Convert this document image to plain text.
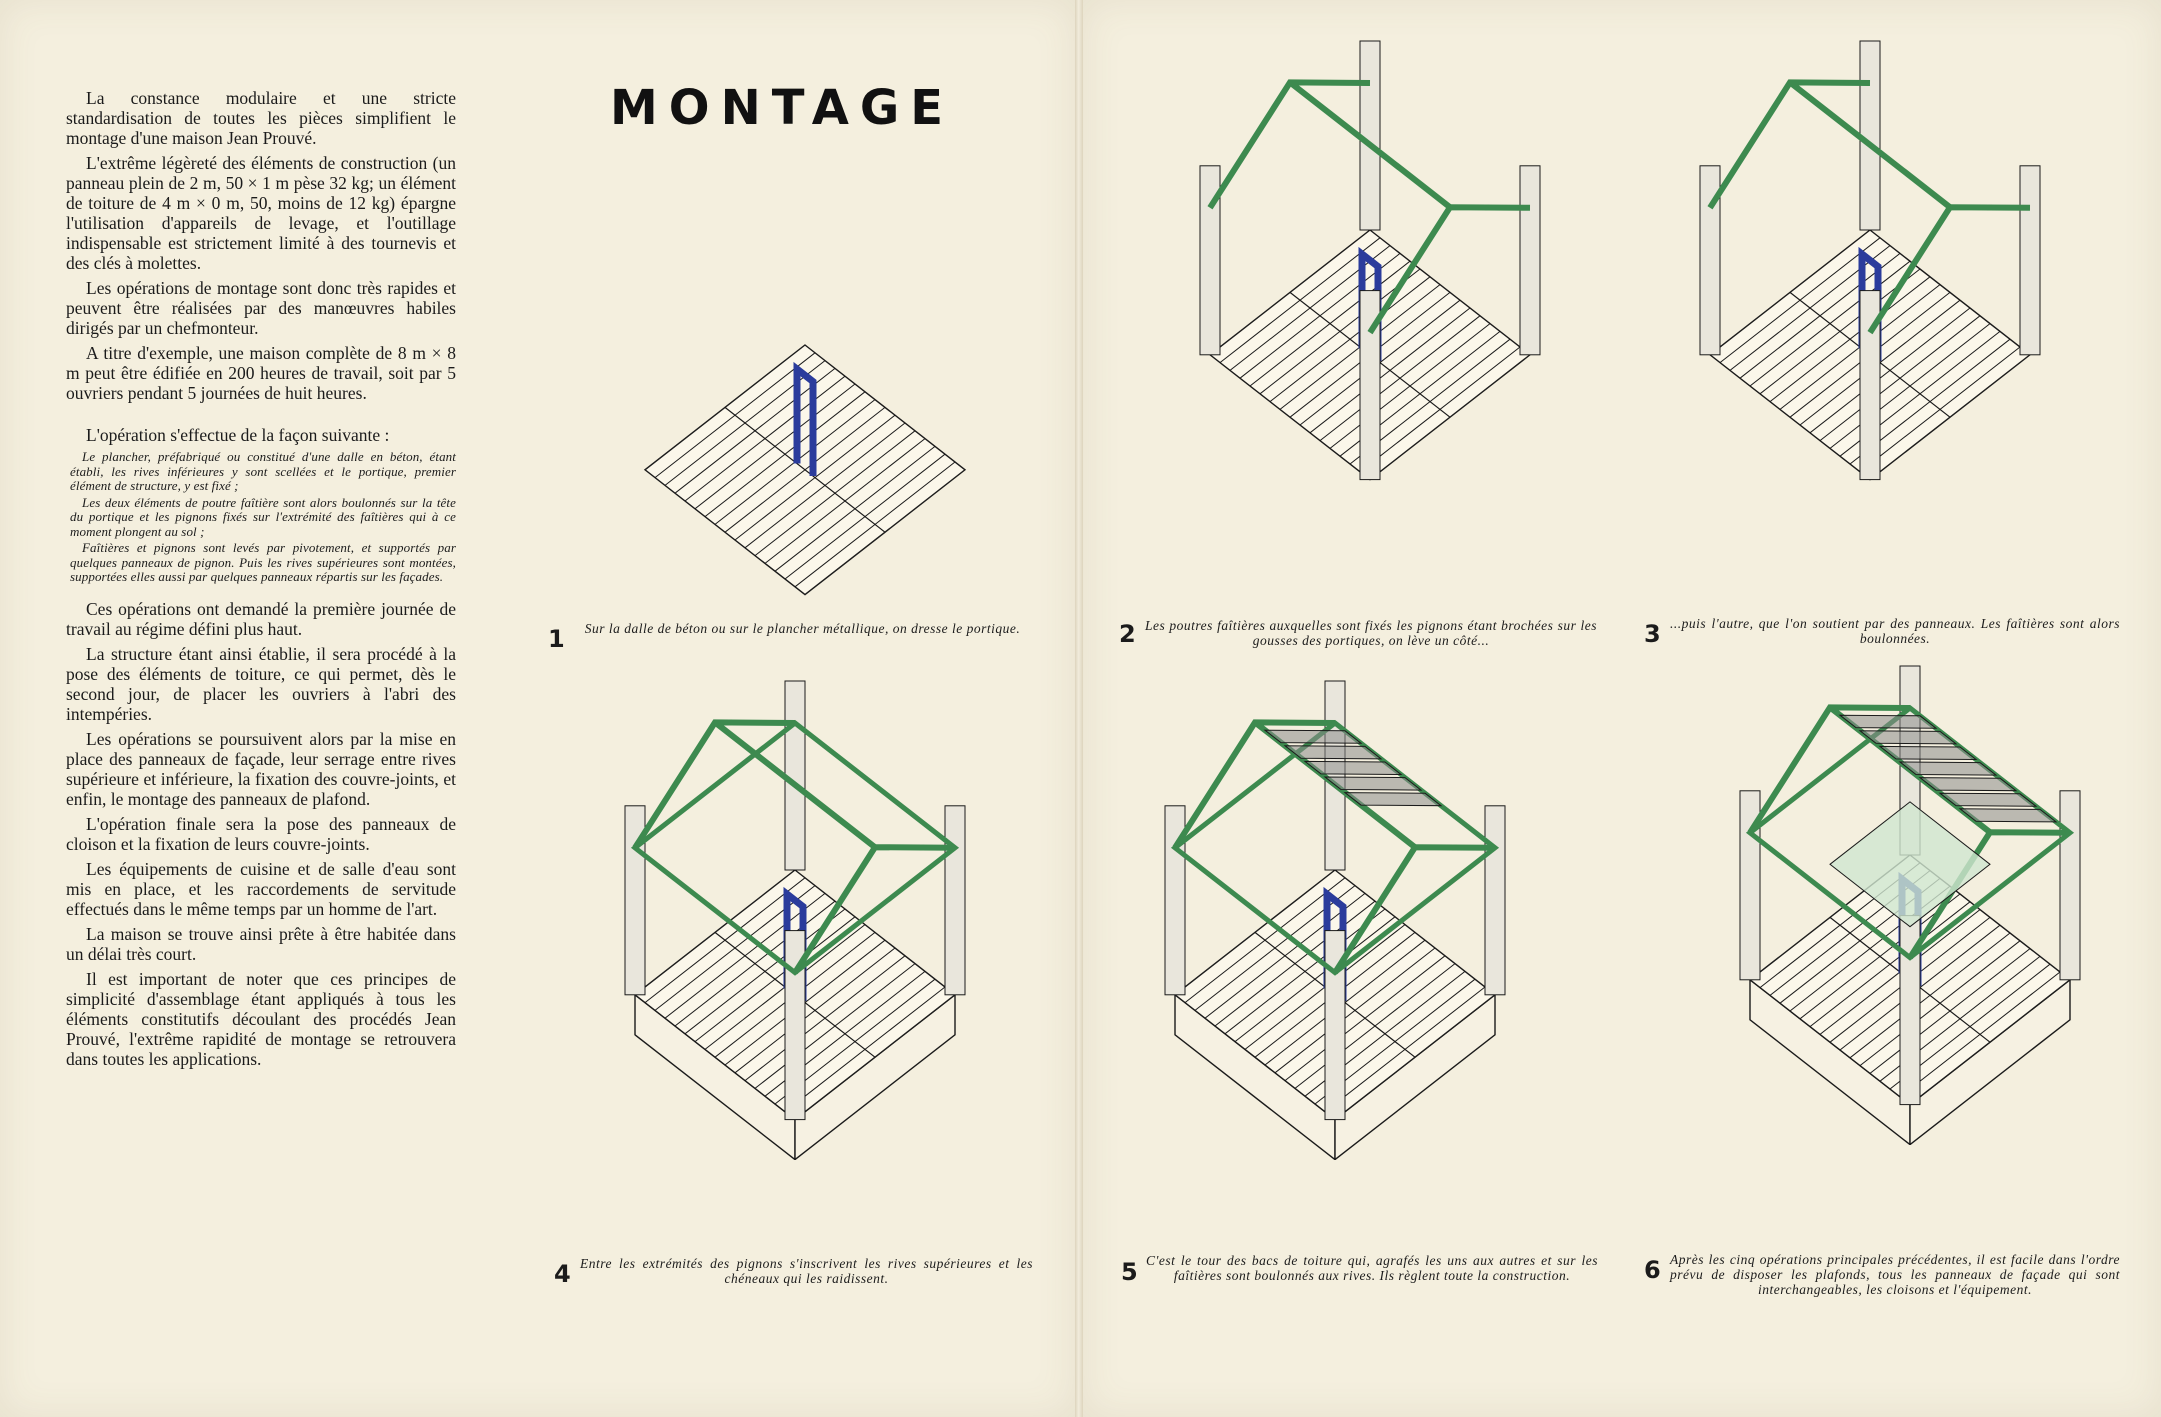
La constance modulaire et une stricte standardisation de toutes les pièces simplifient le montage d'une maison Jean Prouvé.

L'extrême légèreté des éléments de construction (un panneau plein de 2 m, 50 × 1 m pèse 32 kg; un élément de toiture de 4 m × 0 m, 50, moins de 12 kg) épargne l'utilisation d'appareils de levage, et l'outillage indispensable est strictement limité à des tournevis et des clés à molettes.

Les opérations de montage sont donc très rapides et peuvent être réalisées par des manœuvres habiles dirigés par un chefmonteur.

A titre d'exemple, une maison complète de 8 m × 8 m peut être édifiée en 200 heures de travail, soit par 5 ouvriers pendant 5 journées de huit heures.

L'opération s'effectue de la façon suivante :

Le plancher, préfabriqué ou constitué d'une dalle en béton, étant établi, les rives inférieures y sont scellées et le portique, premier élément de structure, y est fixé ;

Les deux éléments de poutre faîtière sont alors boulonnés sur la tête du portique et les pignons fixés sur l'extrémité des faîtières qui à ce moment plongent au sol ;

Faîtières et pignons sont levés par pivotement, et supportés par quelques panneaux de pignon. Puis les rives supérieures sont montées, supportées elles aussi par quelques panneaux répartis sur les façades.

Ces opérations ont demandé la première journée de travail au régime défini plus haut.

La structure étant ainsi établie, il sera procédé à la pose des éléments de toiture, ce qui permet, dès le second jour, de placer les ouvriers à l'abri des intempéries.

Les opérations se poursuivent alors par la mise en place des panneaux de façade, leur serrage entre rives supérieure et inférieure, la fixation des couvre-joints, et enfin, le montage des panneaux de plafond.

L'opération finale sera la pose des panneaux de cloison et la fixation de leurs couvre-joints.

Les équipements de cuisine et de salle d'eau sont mis en place, et les raccordements de servitude effectués dans le même temps par un homme de l'art.

La maison se trouve ainsi prête à être habitée dans un délai très court.

Il est important de noter que ces principes de simplicité d'assemblage étant appliqués à tous les éléments constitutifs découlant des procédés Jean Prouvé, l'extrême rapidité de montage se retrouvera dans toutes les applications.

MONTAGE
1	Sur la dalle de béton ou sur le plancher métallique, on dresse le portique.	2 Les poutres faîtières auxquelles sont fixés les pignons étant brochées sur les gousses des portiques, on lève un côté...	3 ...puis l'autre, que l'on soutient par des panneaux. Les faîtières sont alors boulonnées.
4 Entre les extrémités des pignons s'inscrivent les rives supérieures et les chéneaux qui les raidissent.	5 C'est le tour des bacs de toiture qui, agrafés les uns aux autres et sur les faîtières sont boulonnés aux rives. Ils règlent toute la construction.	6 Après les cinq opérations principales précédentes, il est facile dans l'ordre prévu de disposer les plafonds, tous les panneaux de façade qui sont interchangeables, les cloisons et l'équipement.
